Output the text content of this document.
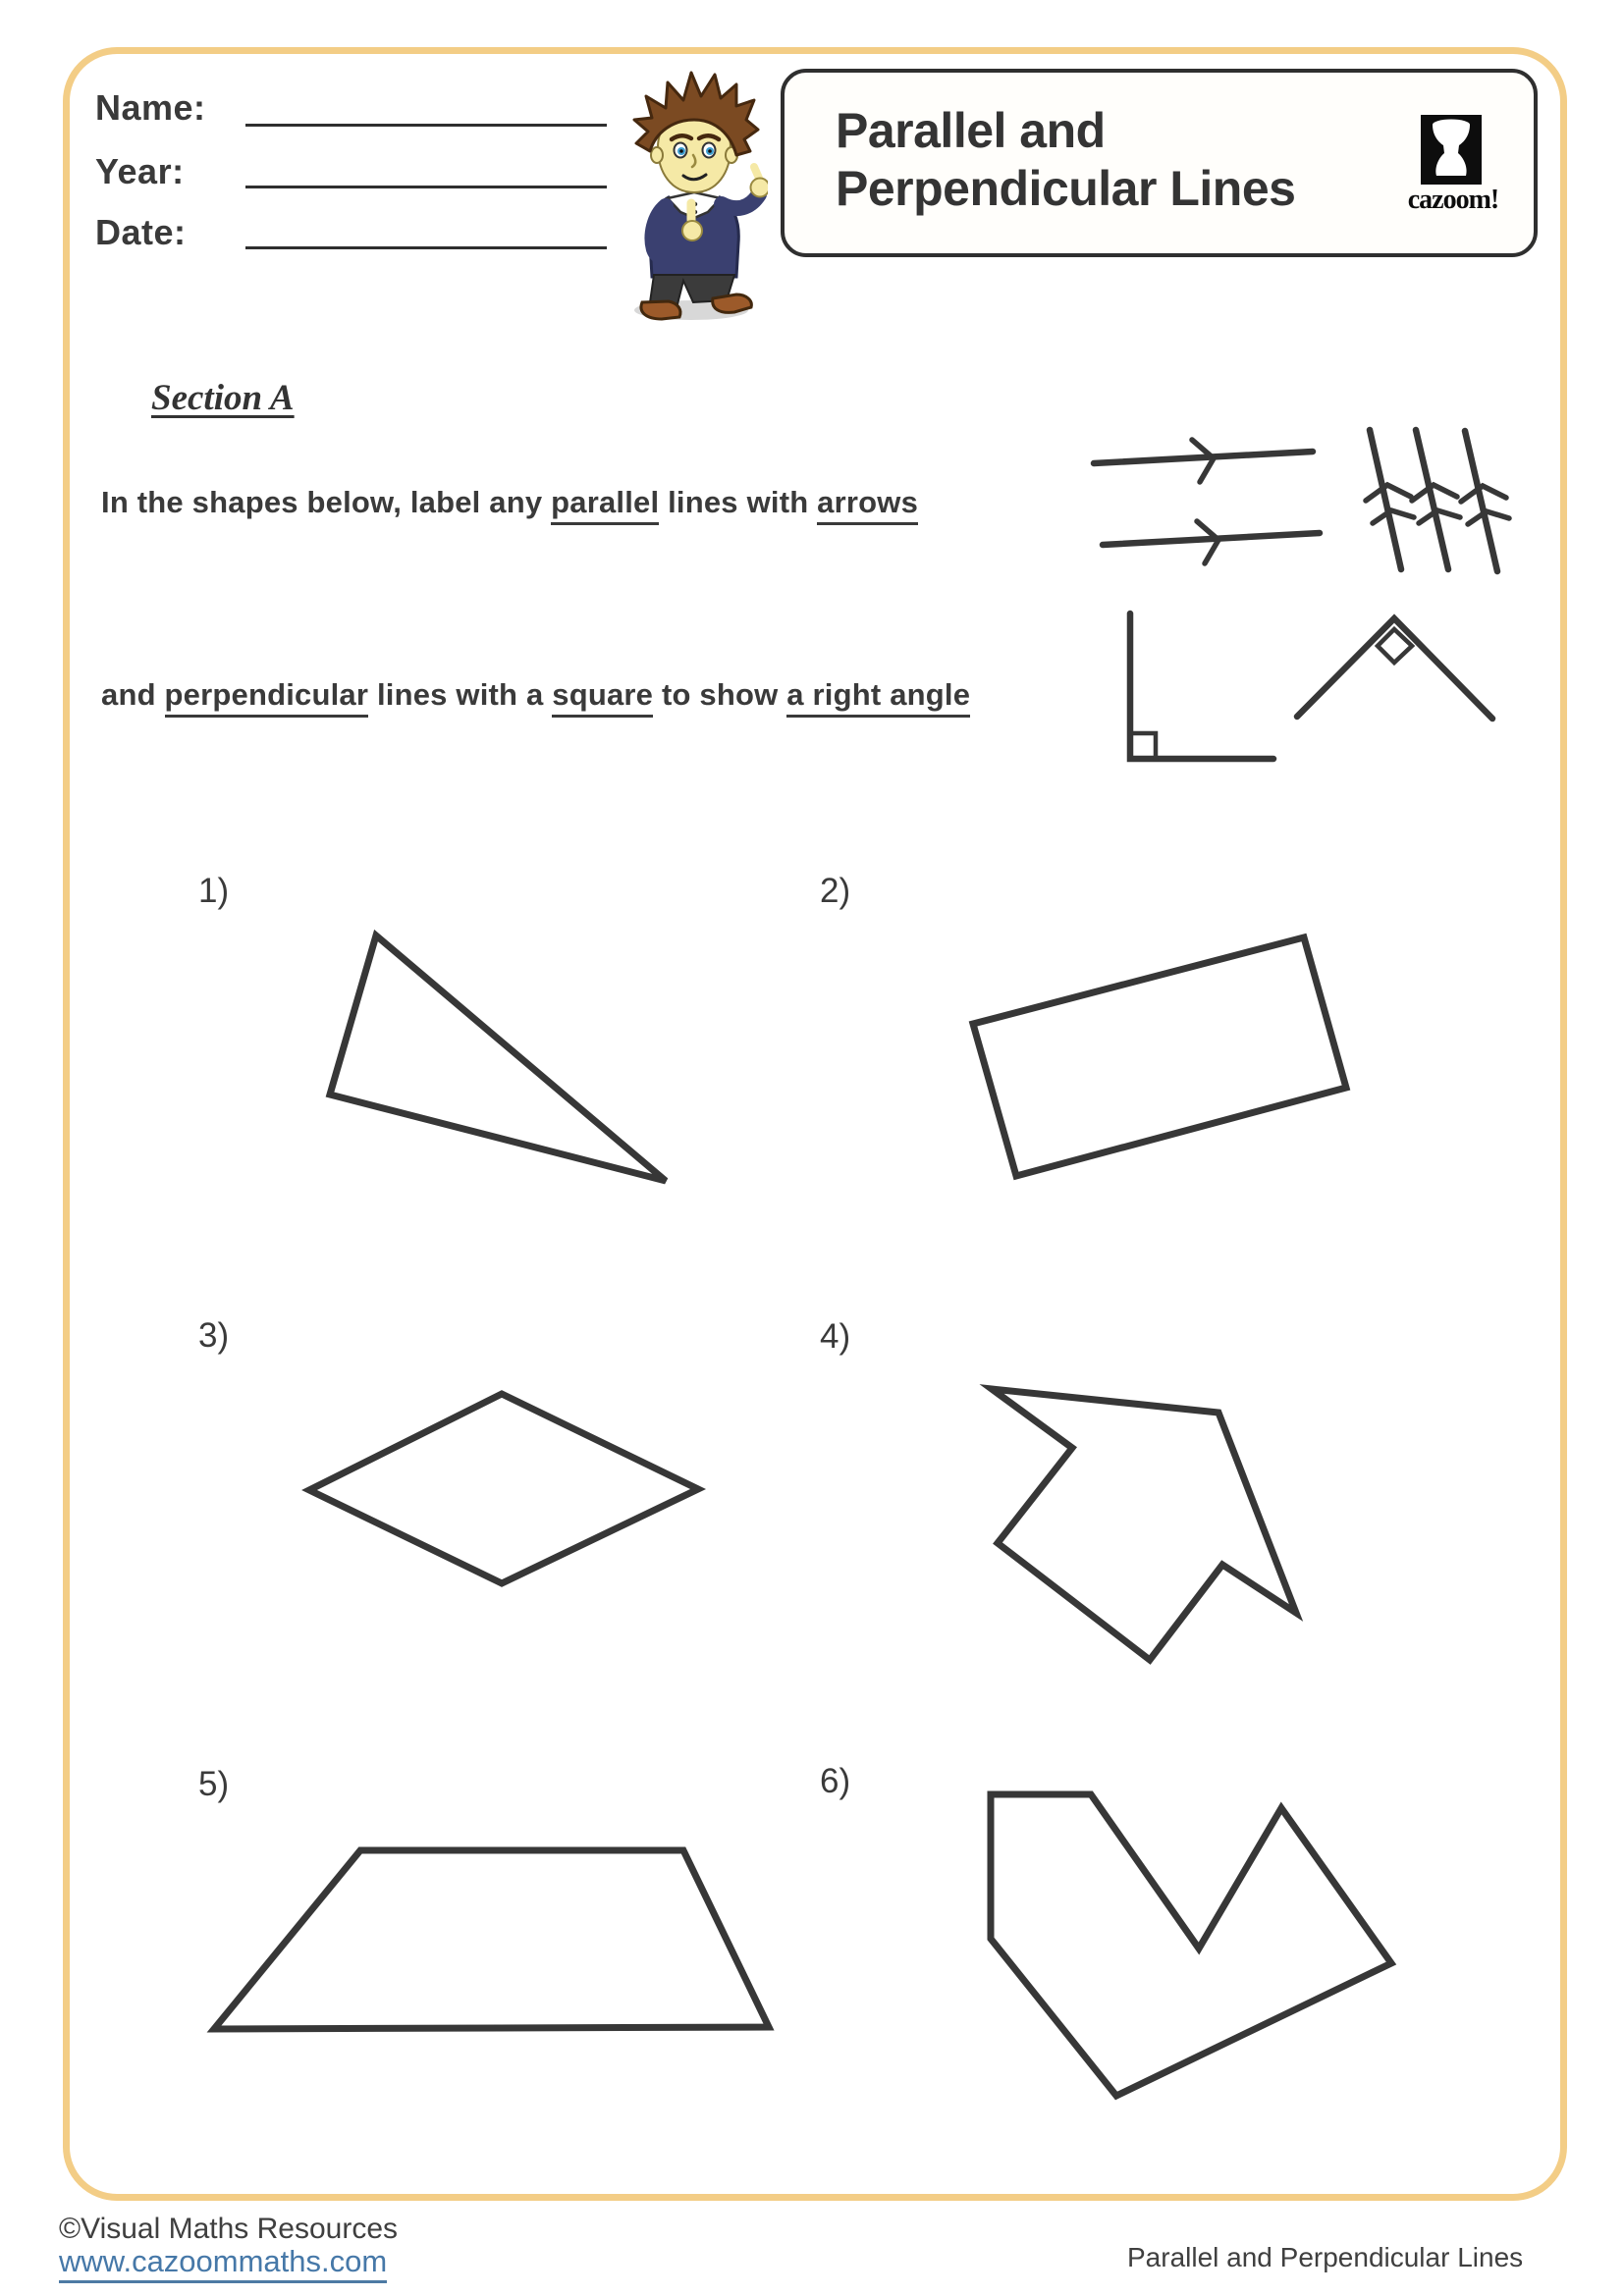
Name:
Year:
Date:
Parallel and
Perpendicular Lines	cazoom!
Section A
In the shapes below, label any parallel lines with arrows
and perpendicular lines with a square to show a right angle
1)	2)
3)	4)
5)	6)
©Visual Maths Resources
www.cazoommaths.com	Parallel and Perpendicular Lines
